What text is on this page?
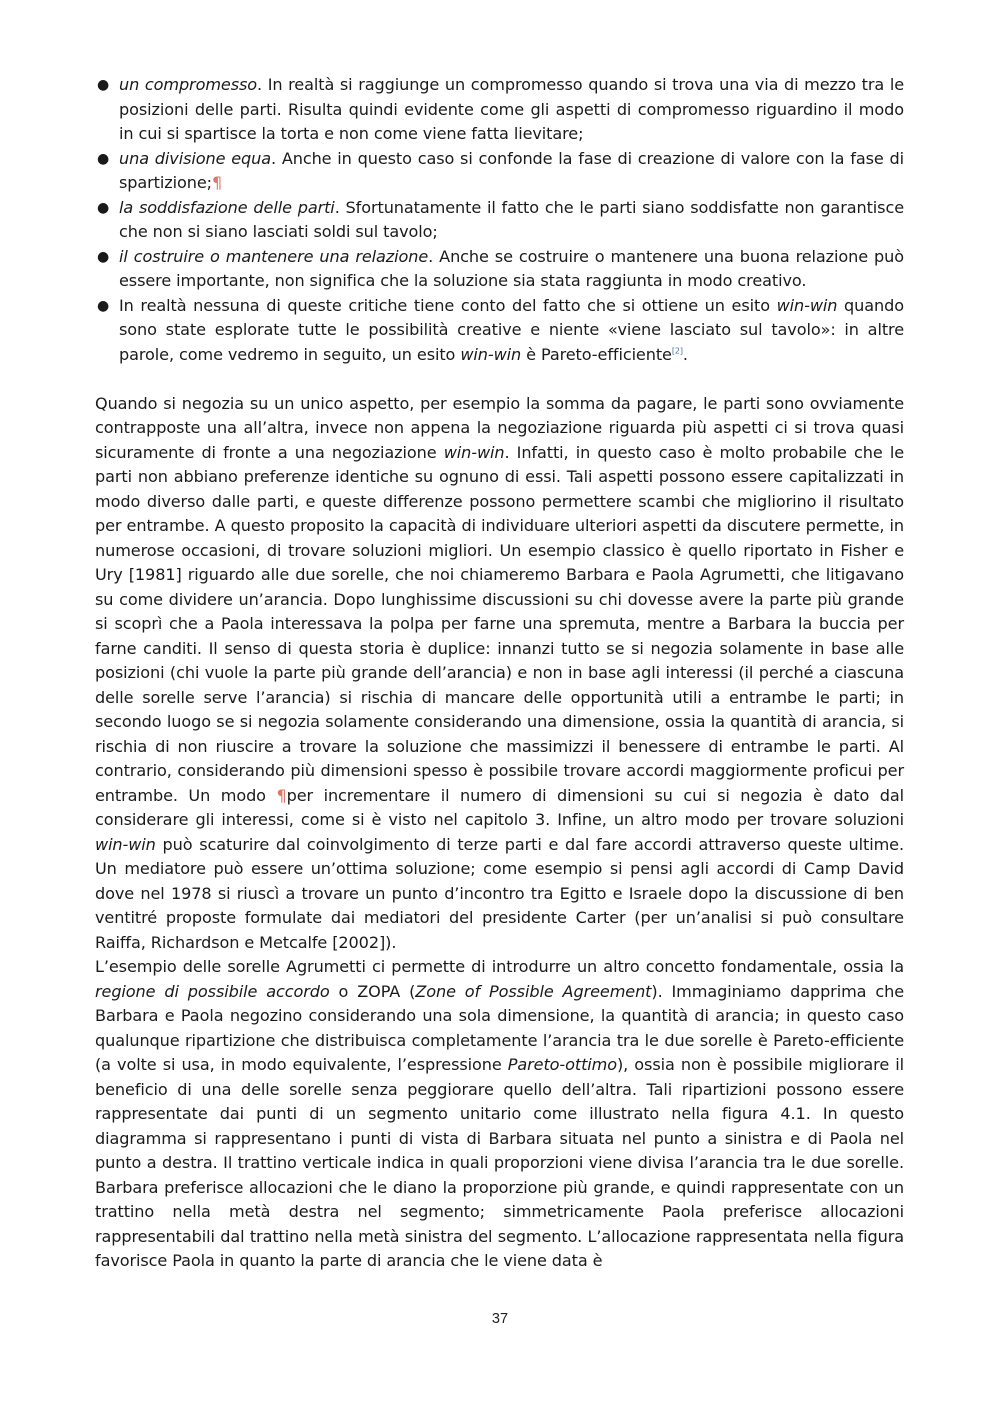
● un compromesso. In realtà si raggiunge un compromesso quando si trova una via di mezzo tra le posizioni delle parti. Risulta quindi evidente come gli aspetti di compromesso riguardino il modo in cui si spartisce la torta e non come viene fatta lievitare;
● una divisione equa. Anche in questo caso si confonde la fase di creazione di valore con la fase di spartizione;¶
● la soddisfazione delle parti. Sfortunatamente il fatto che le parti siano soddisfatte non garantisce che non si siano lasciati soldi sul tavolo;
● il costruire o mantenere una relazione. Anche se costruire o mantenere una buona relazione può essere importante, non significa che la soluzione sia stata raggiunta in modo creativo.
● In realtà nessuna di queste critiche tiene conto del fatto che si ottiene un esito win-win quando sono state esplorate tutte le possibilità creative e niente «viene lasciato sul tavolo»: in altre parole, come vedremo in seguito, un esito win-win è Pareto-efficiente[2].

Quando si negozia su un unico aspetto, per esempio la somma da pagare, le parti sono ovviamente contrapposte una all’altra, invece non appena la negoziazione riguarda più aspetti ci si trova quasi sicuramente di fronte a una negoziazione win-win. Infatti, in questo caso è molto probabile che le parti non abbiano preferenze identiche su ognuno di essi. Tali aspetti possono essere capitalizzati in modo diverso dalle parti, e queste differenze possono permettere scambi che migliorino il risultato per entrambe. A questo proposito la capacità di individuare ulteriori aspetti da discutere permette, in numerose occasioni, di trovare soluzioni migliori. Un esempio classico è quello riportato in Fisher e Ury [1981] riguardo alle due sorelle, che noi chiameremo Barbara e Paola Agrumetti, che litigavano su come dividere un’arancia. Dopo lunghissime discussioni su chi dovesse avere la parte più grande si scoprì che a Paola interessava la polpa per farne una spremuta, mentre a Barbara la buccia per farne canditi. Il senso di questa storia è duplice: innanzi tutto se si negozia solamente in base alle posizioni (chi vuole la parte più grande dell’arancia) e non in base agli interessi (il perché a ciascuna delle sorelle serve l’arancia) si rischia di mancare delle opportunità utili a entrambe le parti; in secondo luogo se si negozia solamente considerando una dimensione, ossia la quantità di arancia, si rischia di non riuscire a trovare la soluzione che massimizzi il benessere di entrambe le parti. Al contrario, considerando più dimensioni spesso è possibile trovare accordi maggiormente proficui per entrambe. Un modo ¶per incrementare il numero di dimensioni su cui si negozia è dato dal considerare gli interessi, come si è visto nel capitolo 3. Infine, un altro modo per trovare soluzioni win-win può scaturire dal coinvolgimento di terze parti e dal fare accordi attraverso queste ultime. Un mediatore può essere un’ottima soluzione; come esempio si pensi agli accordi di Camp David dove nel 1978 si riuscì a trovare un punto d’incontro tra Egitto e Israele dopo la discussione di ben ventitré proposte formulate dai mediatori del presidente Carter (per un’analisi si può consultare Raiffa, Richardson e Metcalfe [2002]).

L’esempio delle sorelle Agrumetti ci permette di introdurre un altro concetto fondamentale, ossia la regione di possibile accordo o ZOPA (Zone of Possible Agreement). Immaginiamo dapprima che Barbara e Paola negozino considerando una sola dimensione, la quantità di arancia; in questo caso qualunque ripartizione che distribuisca completamente l’arancia tra le due sorelle è Pareto-efficiente (a volte si usa, in modo equivalente, l’espressione Pareto-ottimo), ossia non è possibile migliorare il beneficio di una delle sorelle senza peggiorare quello dell’altra. Tali ripartizioni possono essere rappresentate dai punti di un segmento unitario come illustrato nella figura 4.1. In questo diagramma si rappresentano i punti di vista di Barbara situata nel punto a sinistra e di Paola nel punto a destra. Il trattino verticale indica in quali proporzioni viene divisa l’arancia tra le due sorelle. Barbara preferisce allocazioni che le diano la proporzione più grande, e quindi rappresentate con un trattino nella metà destra nel segmento; simmetricamente Paola preferisce allocazioni rappresentabili dal trattino nella metà sinistra del segmento. L’allocazione rappresentata nella figura favorisce Paola in quanto la parte di arancia che le viene data è

37
